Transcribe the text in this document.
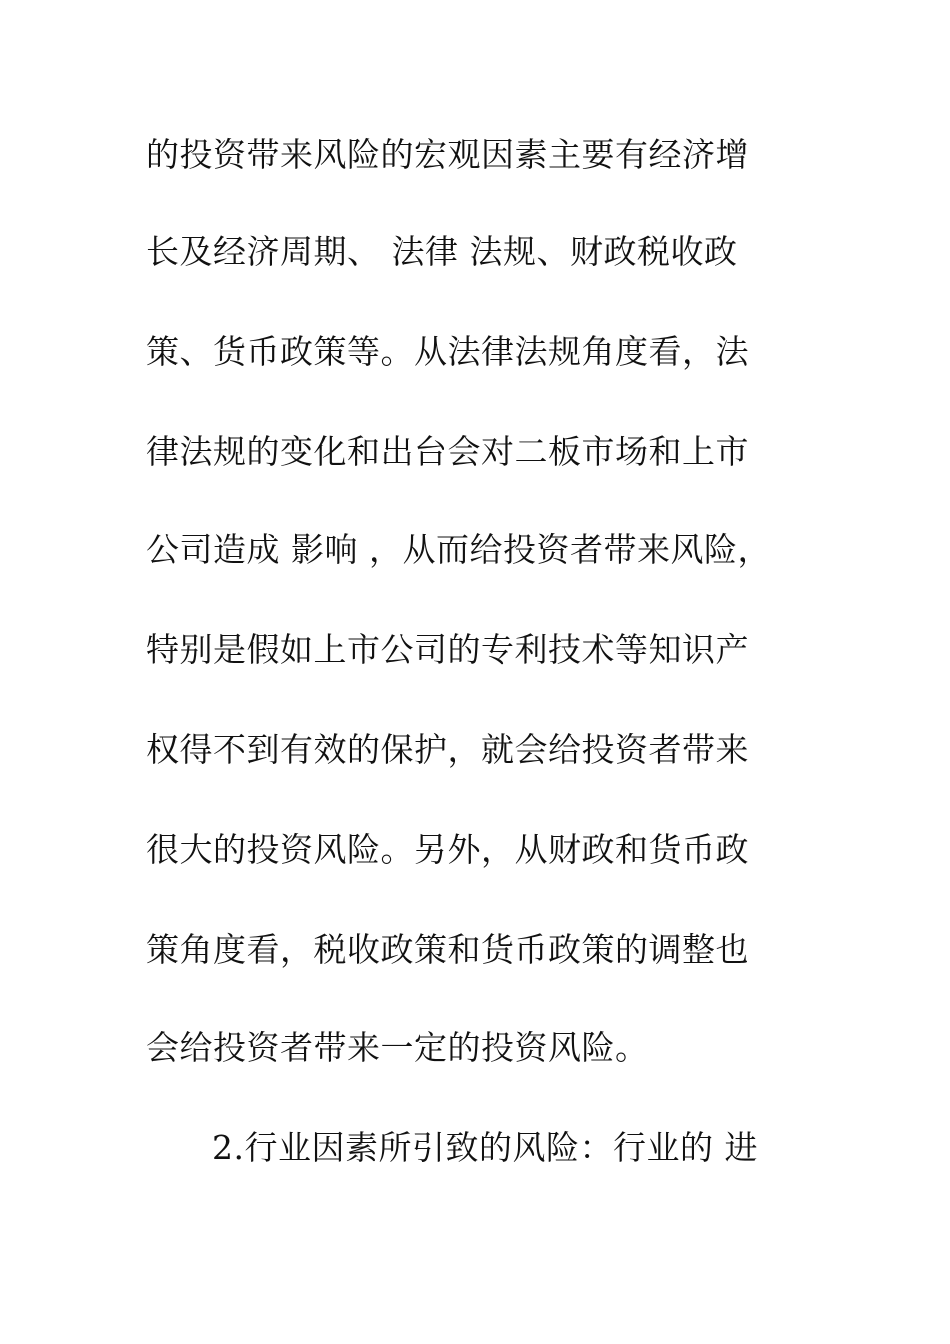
的投资带来风险的宏观因素主要有经济增
长及经济周期、 法律 法规、财政税收政
策、货币政策等。从法律法规角度看，法
律法规的变化和出台会对二板市场和上市
公司造成 影响 ，从而给投资者带来风险，
特别是假如上市公司的专利技术等知识产
权得不到有效的保护，就会给投资者带来
很大的投资风险。另外，从财政和货币政
策角度看，税收政策和货币政策的调整也
会给投资者带来一定的投资风险。
2.行业因素所引致的风险：行业的 进
